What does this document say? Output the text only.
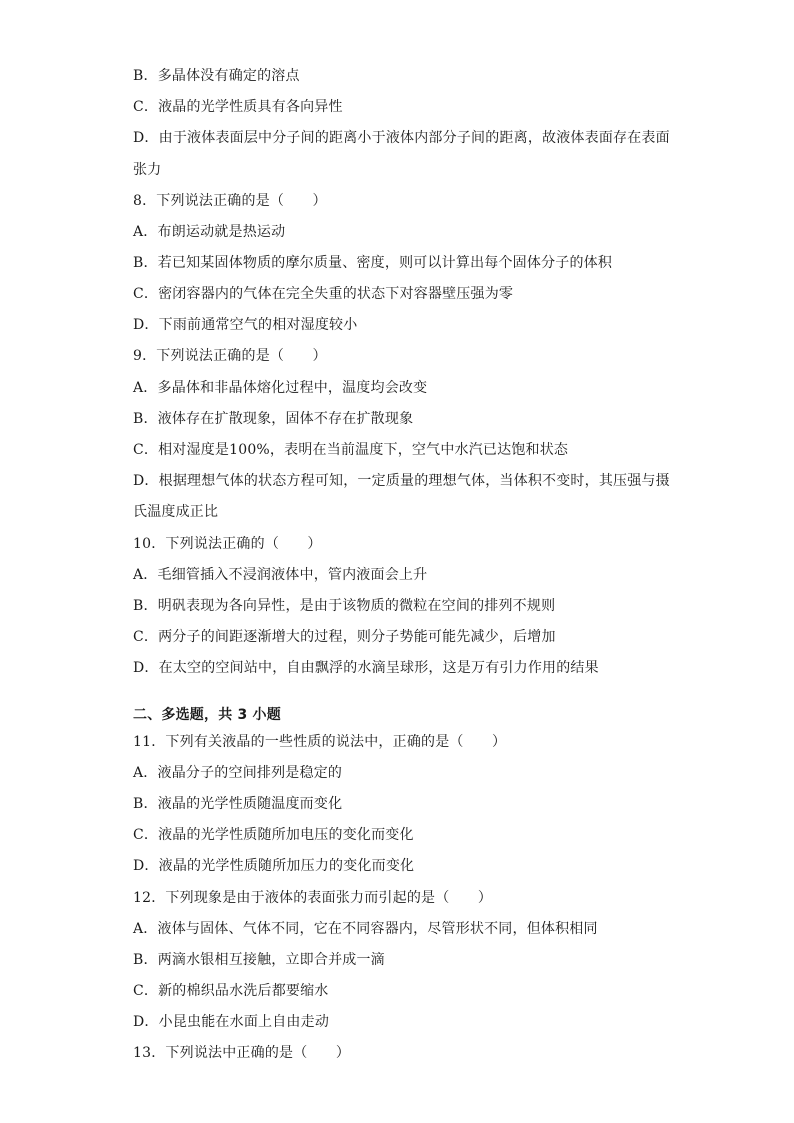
B．多晶体没有确定的溶点
C．液晶的光学性质具有各向异性
D．由于液体表面层中分子间的距离小于液体内部分子间的距离，故液体表面存在表面
张力
8．下列说法正确的是（　　）
A．布朗运动就是热运动
B．若已知某固体物质的摩尔质量、密度，则可以计算出每个固体分子的体积
C．密闭容器内的气体在完全失重的状态下对容器壁压强为零
D．下雨前通常空气的相对湿度较小
9．下列说法正确的是（　　）
A．多晶体和非晶体熔化过程中，温度均会改变
B．液体存在扩散现象，固体不存在扩散现象
C．相对湿度是100%，表明在当前温度下，空气中水汽已达饱和状态
D．根据理想气体的状态方程可知，一定质量的理想气体，当体积不变时，其压强与摄
氏温度成正比
10．下列说法正确的（　　）
A．毛细管插入不浸润液体中，管内液面会上升
B．明矾表现为各向异性，是由于该物质的微粒在空间的排列不规则
C．两分子的间距逐渐增大的过程，则分子势能可能先减少，后增加
D．在太空的空间站中，自由飘浮的水滴呈球形，这是万有引力作用的结果
二、多选题，共 3 小题
11．下列有关液晶的一些性质的说法中，正确的是（　　）
A．液晶分子的空间排列是稳定的
B．液晶的光学性质随温度而变化
C．液晶的光学性质随所加电压的变化而变化
D．液晶的光学性质随所加压力的变化而变化
12．下列现象是由于液体的表面张力而引起的是（　　）
A．液体与固体、气体不同，它在不同容器内，尽管形状不同，但体积相同
B．两滴水银相互接触，立即合并成一滴
C．新的棉织品水洗后都要缩水
D．小昆虫能在水面上自由走动
13．下列说法中正确的是（　　）
